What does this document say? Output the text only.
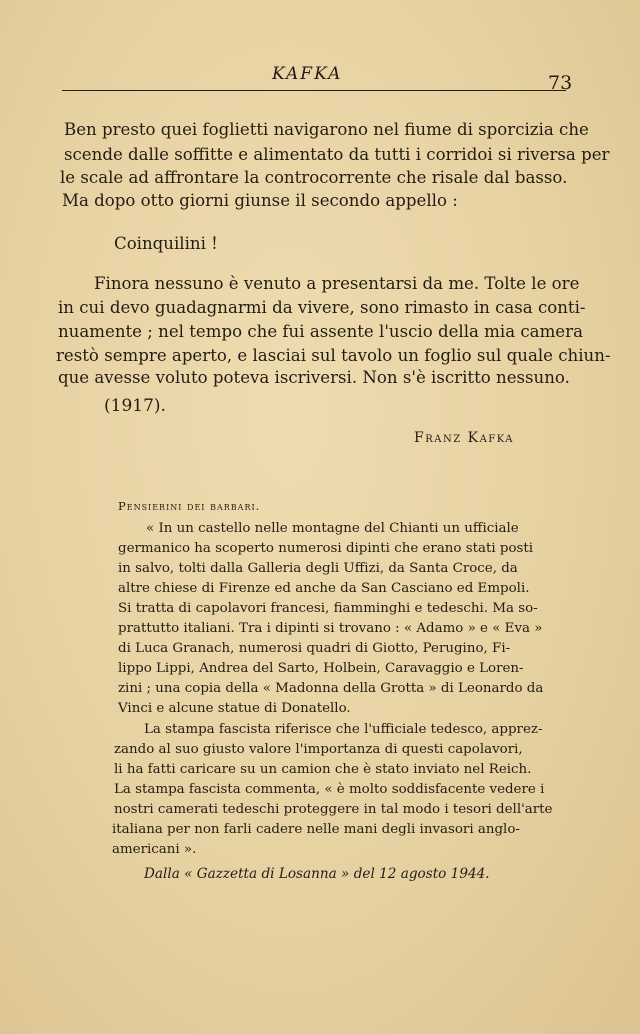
KAFKA	73
Ben presto quei foglietti navigarono nel fiume di sporcizia che
scende dalle soffitte e alimentato da tutti i corridoi si riversa per
le scale ad affrontare la controcorrente che risale dal basso.
Ma dopo otto giorni giunse il secondo appello :
Coinquilini !
Finora nessuno è venuto a presentarsi da me. Tolte le ore
in cui devo guadagnarmi da vivere, sono rimasto in casa conti-
nuamente ; nel tempo che fui assente l'uscio della mia camera
restò sempre aperto, e lasciai sul tavolo un foglio sul quale chiun-
que avesse voluto poteva iscriversi. Non s'è iscritto nessuno.
(1917).
Franz Kafka
Pensierini dei barbari.
« In un castello nelle montagne del Chianti un ufficiale
germanico ha scoperto numerosi dipinti che erano stati posti
in salvo, tolti dalla Galleria degli Uffizi, da Santa Croce, da
altre chiese di Firenze ed anche da San Casciano ed Empoli.
Si tratta di capolavori francesi, fiamminghi e tedeschi. Ma so-
prattutto italiani. Tra i dipinti si trovano : « Adamo » e « Eva »
di Luca Granach, numerosi quadri di Giotto, Perugino, Fi-
lippo Lippi, Andrea del Sarto, Holbein, Caravaggio e Loren-
zini ; una copia della « Madonna della Grotta » di Leonardo da
Vinci e alcune statue di Donatello.
La stampa fascista riferisce che l'ufficiale tedesco, apprez-
zando al suo giusto valore l'importanza di questi capolavori,
li ha fatti caricare su un camion che è stato inviato nel Reich.
La stampa fascista commenta, « è molto soddisfacente vedere i
nostri camerati tedeschi proteggere in tal modo i tesori dell'arte
italiana per non farli cadere nelle mani degli invasori anglo-
americani ».
Dalla « Gazzetta di Losanna » del 12 agosto 1944.
